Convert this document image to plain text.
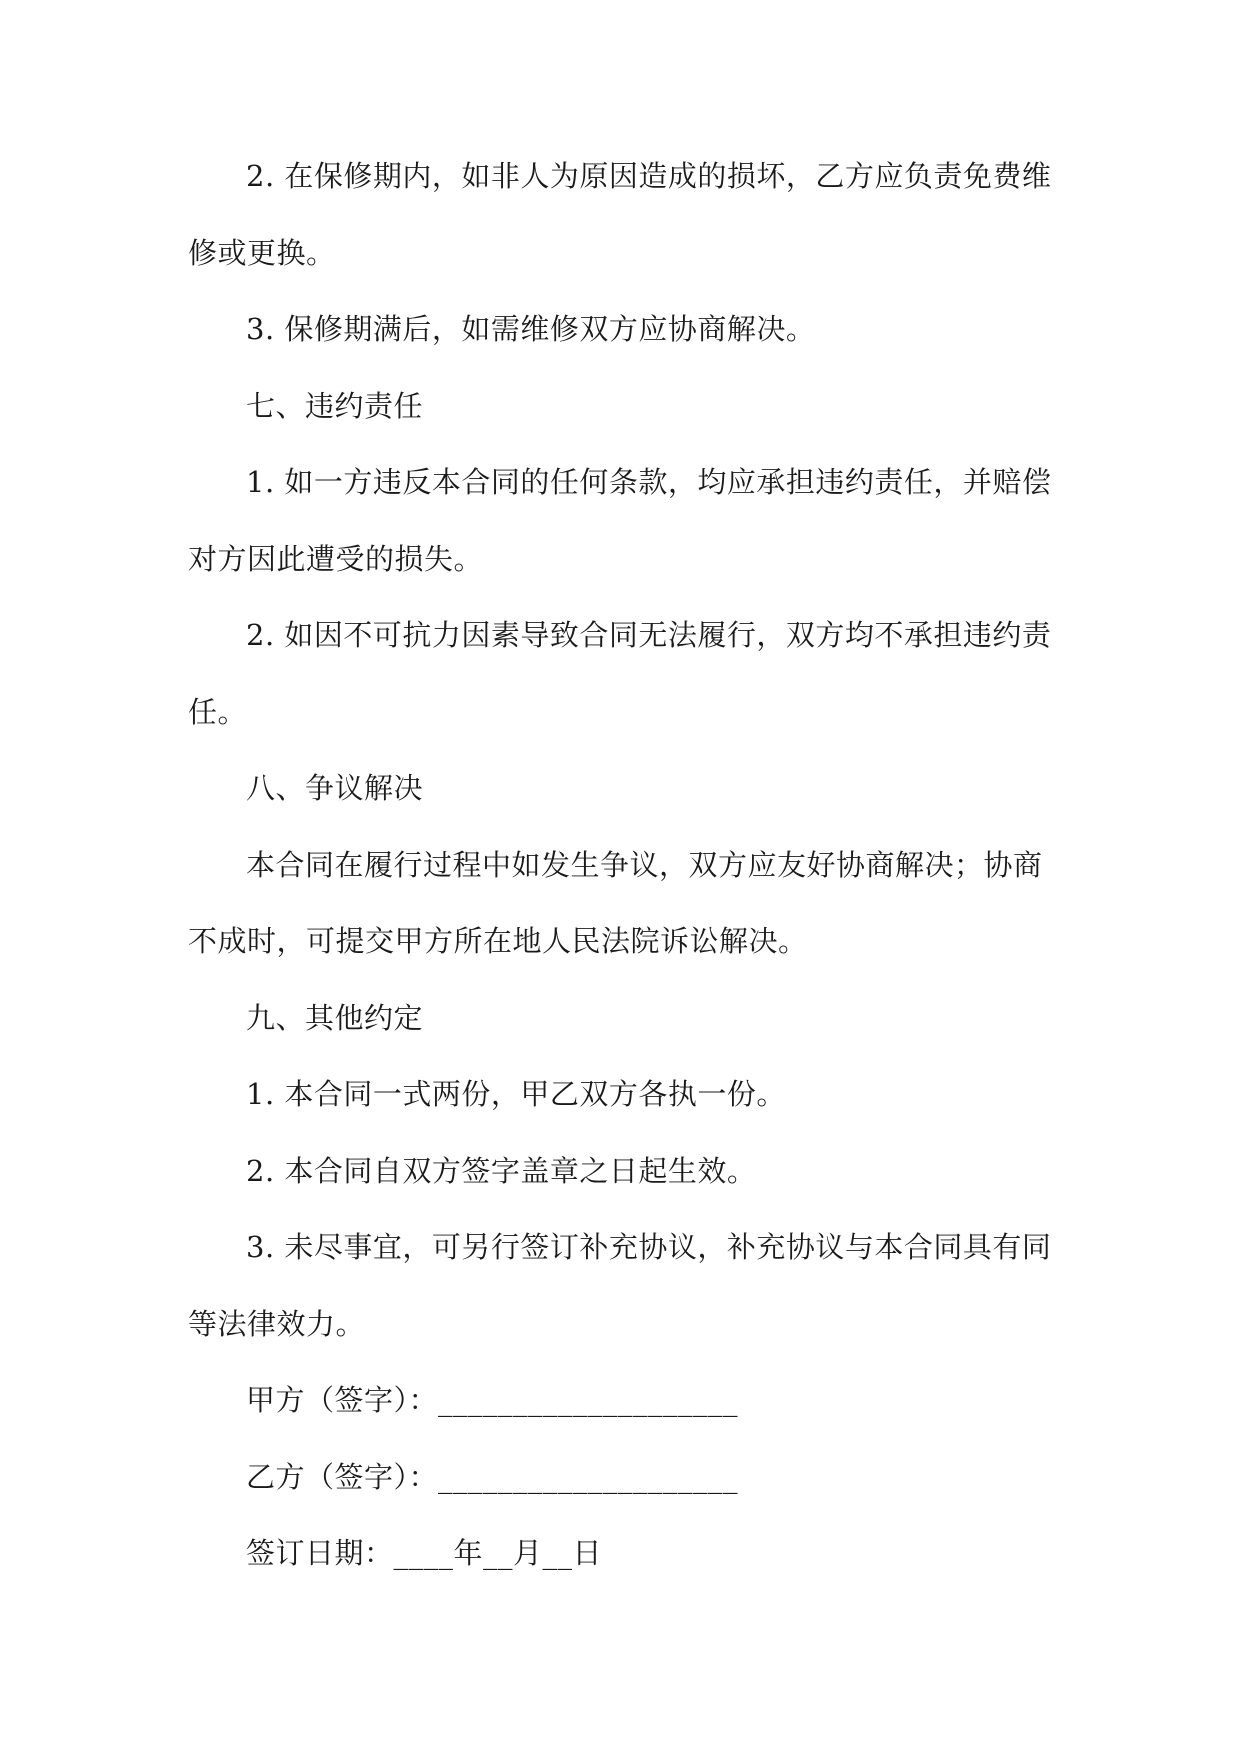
2. 在保修期内，如非人为原因造成的损坏，乙方应负责免费维修或更换。

3. 保修期满后，如需维修双方应协商解决。

七、违约责任

1. 如一方违反本合同的任何条款，均应承担违约责任，并赔偿对方因此遭受的损失。

2. 如因不可抗力因素导致合同无法履行，双方均不承担违约责任。

八、争议解决

本合同在履行过程中如发生争议，双方应友好协商解决；协商不成时，可提交甲方所在地人民法院诉讼解决。

九、其他约定

1. 本合同一式两份，甲乙双方各执一份。

2. 本合同自双方签字盖章之日起生效。

3. 未尽事宜，可另行签订补充协议，补充协议与本合同具有同等法律效力。

甲方（签字）：____________________

乙方（签字）：____________________

签订日期：____年__月__日
